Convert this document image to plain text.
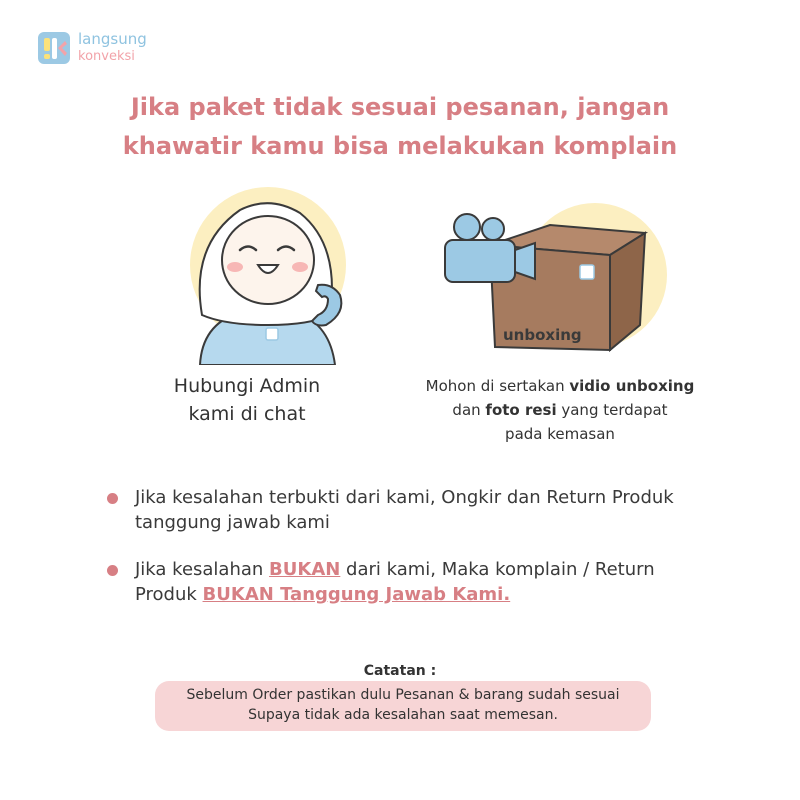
langsung
konveksi
Jika paket tidak sesuai pesanan, jangan
khawatir kamu bisa melakukan komplain
unboxing
Hubungi Admin
kami di chat
Mohon di sertakan vidio unboxing
dan foto resi yang terdapat
pada kemasan
Jika kesalahan terbukti dari kami, Ongkir dan Return Produk
tanggung jawab kami
Jika kesalahan BUKAN dari kami, Maka komplain / Return
Produk BUKAN Tanggung Jawab Kami.
Catatan :
Sebelum Order pastikan dulu Pesanan & barang sudah sesuai
Supaya tidak ada kesalahan saat memesan.
